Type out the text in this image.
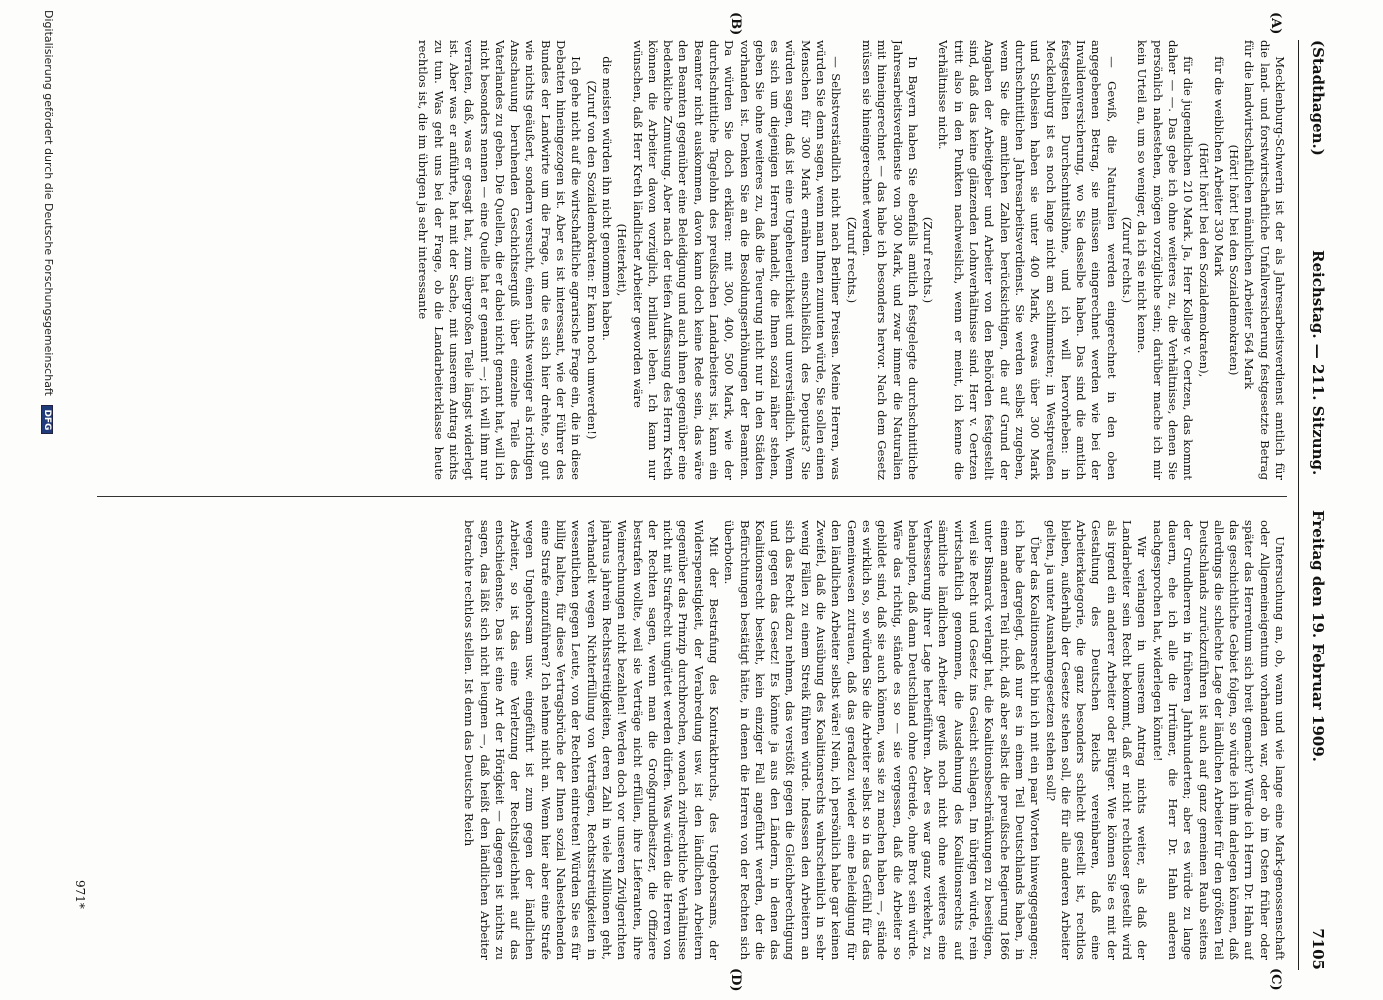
(A)
(B)
(C)
(D)
(Stadthagen.)
Reichstag. — 211. Sitzung.
Freitag den 19. Februar 1909.
7105

Mecklenburg-Schwerin ist der als Jahresarbeitsverdienst amtlich für die land- und forstwirtschaftliche Unfallversicherung festgesetzte Betrag für die landwirtschaftlichen männlichen Arbeiter 564 Mark

(Hört! hört! bei den Sozialdemokraten)

für die weiblichen Arbeiter 330 Mark

(Hört! hört! bei den Sozialdemokraten),

für die jugendlichen 210 Mark. Ja, Herr Kollege v. Oertzen, das kommt daher — —. Das gebe ich ohne weiteres zu, die Verhältnisse, denen Sie persönlich nahestehen, mögen vorzügliche sein; darüber mache ich mir kein Urteil an, um so weniger, da ich sie nicht kenne.

(Zuruf rechts.)

— Gewiß, die Naturalien werden eingerechnet in den oben angegebenen Betrag, sie müssen eingerechnet werden wie bei der Invalidenversicherung, wo Sie dasselbe haben. Das sind die amtlich festgestellten Durchschnittslöhne, und ich will hervorheben: in Mecklenburg ist es noch lange nicht am schlimmsten; in Westpreußen und Schlesien haben sie unter 400 Mark, etwas über 300 Mark durchschnittlichen Jahresarbeitsverdienst. Sie werden selbst zugeben, wenn Sie die amtlichen Zahlen berücksichtigen, die auf Grund der Angaben der Arbeitgeber und Arbeiter von den Behörden festgestellt sind, daß das keine glänzenden Lohnverhältnisse sind. Herr v. Oertzen tritt also in den Punkten nachweislich, wenn er meint, ich kenne die Verhältnisse nicht.

(Zuruf rechts.)

In Bayern haben Sie ebenfalls amtlich festgelegte durchschnittliche Jahresarbeitsverdienste von 300 Mark, und zwar immer die Naturalien mit hineingerechnet — das habe ich besonders hervor. Nach dem Gesetz müssen sie hineingerechnet werden.

(Zuruf rechts.)

— Selbstverständlich nicht nach Berliner Preisen. Meine Herren, was würden Sie denn sagen, wenn man Ihnen zumuten würde, Sie sollen einen Menschen für 300 Mark ernähren einschließlich des Deputats? Sie würden sagen, daß ist eine Ungeheuerlichkeit und unverständlich. Wenn es sich um diejenigen Herren handelt, die Ihnen sozial näher stehen, geben Sie ohne weiteres zu, daß die Teuerung nicht nur in den Städten vorhanden ist. Denken Sie an die Besoldungserhöhungen der Beamten. Da würden Sie doch erklären: mit 300, 400, 500 Mark, wie der durchschnittliche Tagelohn des preußischen Landarbeiters ist, kann ein Beamter nicht auskommen, davon kann doch keine Rede sein, das wäre den Beamten gegenüber eine Beleidigung und auch ihnen gegenüber eine bedenkliche Zumutung. Aber nach der tiefen Auffassung des Herrn Kreth können die Arbeiter davon vorzüglich, brillant leben. Ich kann nur wünschen, daß Herr Kreth ländlicher Arbeiter geworden wäre

(Heiterkeit),

die meisten würden ihn nicht genommen haben.

(Zuruf von den Sozialdemokraten: Er kann noch umwerden!)

Ich gehe nicht auf die wirtschaftliche agrarische Frage ein, die in diese Debatten hineingezogen ist. Aber es ist interessant, wie der Führer des Bundes der Landwirte um die Frage, um die es sich hier drehte, so gut wie nichts geäußert, sondern versucht, einen nichts weniger als richtigen Anschauung beruhenden Geschichtserguß über einzelne Teile des Vaterlandes zu geben. Die Quellen, die er dabei nicht genannt hat, will ich nicht besonders nennen — eine Quelle hat er genannt —; ich will ihm nur verraten, daß, was er gesagt hat, zum übergroßen Teile längst widerlegt ist. Aber was er anführte, hat mit der Sache, mit unserem Antrag nichts zu tun. Was geht uns bei der Frage, ob die Landarbeiterklasse heute rechtlos ist, die im übrigen ja sehr interessante

Untersuchung an, ob, wann und wie lange eine Mark-genossenschaft oder Allgemeineigentum vorhanden war, oder ob im Osten früher oder später das Herrentum sich breit gemacht? Würde ich Herrn Dr. Hahn auf das geschichtliche Gebiet folgen, so würde ich ihm darlegen können, daß allerdings die schlechte Lage der ländlichen Arbeiter für den größten Teil Deutschlands zurückzuführen ist auch auf ganz gemeinen Raub seitens der Grundherren in früheren Jahrhunderten; aber es würde zu lange dauern, ehe ich alle die Irrtümer, die Herr Dr. Hahn anderen nachgesprochen hat, widerlegen könnte!

Wir verlangen in unserem Antrag nichts weiter, als daß der Landarbeiter sein Recht bekommt, daß er nicht rechtloser gestellt wird als irgend ein anderer Arbeiter oder Bürger. Wie können Sie es mit der Gestaltung des Deutschen Reichs vereinbaren, daß eine Arbeiterkategorie, die ganz besonders schlecht gestellt ist, rechtlos bleiben, außerhalb der Gesetze stehen soll, die für alle anderen Arbeiter gelten, ja unter Ausnahmegesetzen stehen soll?

Über das Koalitionsrecht bin ich mit ein paar Worten hinweggegangen; ich habe dargelegt, daß nur es in einem Teil Deutschlands haben, in einem anderen Teil nicht, daß aber selbst die preußische Regierung 1866 unter Bismarck verlangt hat, die Koalitionsbeschränkungen zu beseitigen, weil sie Recht und Gesetz ins Gesicht schlagen. Im übrigen würde, rein wirtschaftlich genommen, die Ausdehnung des Koalitionsrechts auf sämtliche ländlichen Arbeiter gewiß noch nicht ohne weiteres eine Verbesserung ihrer Lage herbeiführen. Aber es war ganz verkehrt, zu behaupten, daß dann Deutschland ohne Getreide, ohne Brot sein würde. Wäre das richtig, stände es so — sie vergessen, daß die Arbeiter so gebildet sind, daß sie auch können, was sie zu machen haben —, stände es wirklich so, so würden Sie die Arbeiter selbst so in das Gefühl für das Gemeinwesen zutrauen, daß das geradezu wieder eine Beleidigung für den ländlichen Arbeiter selbst wäre! Nein, ich persönlich habe gar keinen Zweifel, daß die Ausübung des Koalitionsrechts wahrscheinlich in sehr wenig Fällen zu einem Streik führen würde. Indessen den Arbeitern an sich das Recht dazu nehmen, das verstößt gegen die Gleichberechtigung und gegen das Gesetz! Es könnte ja aus den Ländern, in denen das Koalitionsrecht besteht, kein einziger Fall angeführt werden, der die Befürchtungen bestätigt hätte, in denen die Herren von der Rechten sich überboten.

Mit der Bestrafung des Kontraktbruchs, des Ungehorsams, der Widerspenstigkeit, der Verabredung usw. ist den ländlichen Arbeitern gegenüber das Prinzip durchbrochen, wonach zivilrechtliche Verhältnisse nicht mit Strafrecht umgürtet werden dürfen. Was würden die Herren von der Rechten sagen, wenn man die Großgrundbesitzer, die Offiziere bestrafen wollte, weil sie Verträge nicht erfüllen, ihre Lieferanten, ihre Weinrechnungen nicht bezahlen! Werden doch vor unseren Zivilgerichten jahraus jahrein Rechtsstreitigkeiten, deren Zahl in viele Millionen geht, verhandelt wegen Nichterfüllung von Verträgen, Rechtsstreitigkeiten in wesentlichen gegen Leute, von der Rechten eintreten! Würden Sie es für billig halten, für diese Vertragsbrüche der Ihnen sozial Nahestehenden eine Strafe einzuführen? Ich nehme nicht an. Wenn hier aber eine Strafe wegen Ungehorsam usw. eingeführt ist zum gegen der ländlichen Arbeiter, so ist das eine Verletzung der Rechtsgleichheit auf das entschiedenste. Das ist eine Art der Hörigkeit — dagegen ist nichts zu sagen, das läßt sich nicht leugnen —, daß heißt den ländlichen Arbeiter betrachte rechtlos stellen. Ist denn das Deutsche Reich

971*
Digitalisierung gefördert durch die Deutsche Forschungsgemeinschaft DFG
